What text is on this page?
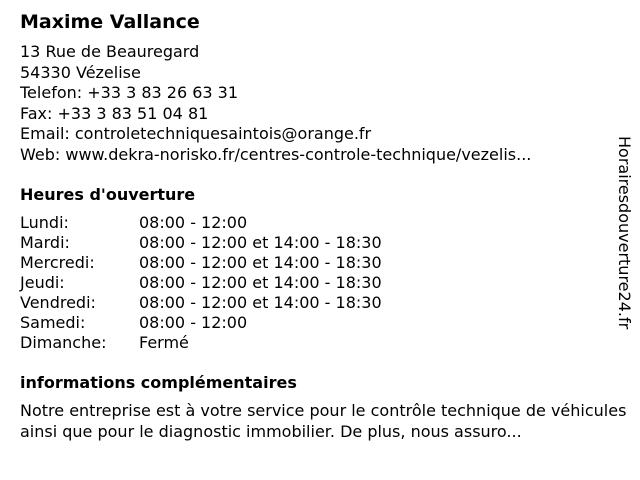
Maxime Vallance
13 Rue de Beauregard
54330 Vézelise
Telefon: +33 3 83 26 63 31
Fax: +33 3 83 51 04 81
Email: controletechniquesaintois@orange.fr
Web: www.dekra-norisko.fr/centres-controle-technique/vezelis...
Heures d'ouverture
Lundi:	08:00 - 12:00
Mardi:	08:00 - 12:00 et 14:00 - 18:30
Mercredi:	08:00 - 12:00 et 14:00 - 18:30
Jeudi:	08:00 - 12:00 et 14:00 - 18:30
Vendredi:	08:00 - 12:00 et 14:00 - 18:30
Samedi:	08:00 - 12:00
Dimanche: Fermé
informations complémentaires
Notre entreprise est à votre service pour le contrôle technique de véhicules ainsi que pour le diagnostic immobilier. De plus, nous assuro...
Horairesdouverture24.fr
